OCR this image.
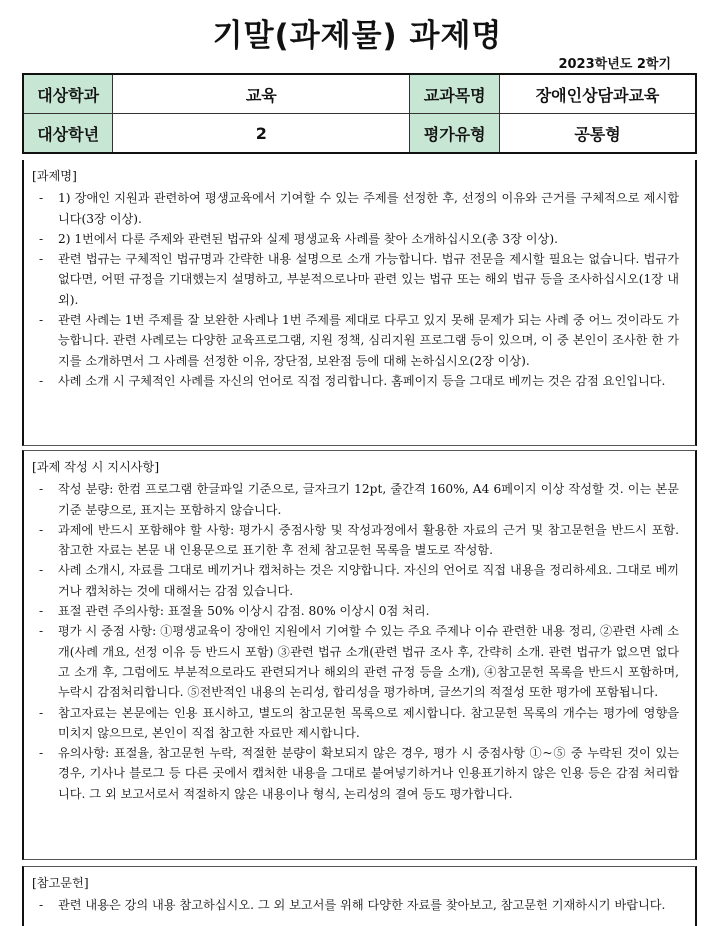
기말(과제물) 과제명
2023학년도 2학기
대상학과	교육	교과목명	장애인상담과교육
대상학년	2	평가유형	공통형
[과제명]
- 1) 장애인 지원과 관련하여 평생교육에서 기여할 수 있는 주제를 선정한 후, 선정의 이유와 근거를 구체적으로 제시합니다(3장 이상).
- 2) 1번에서 다룬 주제와 관련된 법규와 실제 평생교육 사례를 찾아 소개하십시오(총 3장 이상).
- 관련 법규는 구체적인 법규명과 간략한 내용 설명으로 소개 가능합니다. 법규 전문을 제시할 필요는 없습니다. 법규가 없다면, 어떤 규정을 기대했는지 설명하고, 부분적으로나마 관련 있는 법규 또는 해외 법규 등을 조사하십시오(1장 내외).
- 관련 사례는 1번 주제를 잘 보완한 사례나 1번 주제를 제대로 다루고 있지 못해 문제가 되는 사례 중 어느 것이라도 가능합니다. 관련 사례로는 다양한 교육프로그램, 지원 정책, 심리지원 프로그램 등이 있으며, 이 중 본인이 조사한 한 가지를 소개하면서 그 사례를 선정한 이유, 장단점, 보완점 등에 대해 논하십시오(2장 이상).
- 사례 소개 시 구체적인 사례를 자신의 언어로 직접 정리합니다. 홈페이지 등을 그대로 베끼는 것은 감점 요인입니다.
[과제 작성 시 지시사항]
- 작성 분량: 한컴 프로그램 한글파일 기준으로, 글자크기 12pt, 줄간격 160%, A4 6페이지 이상 작성할 것. 이는 본문 기준 분량으로, 표지는 포함하지 않습니다.
- 과제에 반드시 포함해야 할 사항: 평가시 중점사항 및 작성과정에서 활용한 자료의 근거 및 참고문헌을 반드시 포함. 참고한 자료는 본문 내 인용문으로 표기한 후 전체 참고문헌 목록을 별도로 작성함.
- 사례 소개시, 자료를 그대로 베끼거나 캡처하는 것은 지양합니다. 자신의 언어로 직접 내용을 정리하세요. 그대로 베끼거나 캡처하는 것에 대해서는 감점 있습니다.
- 표절 관련 주의사항: 표절율 50% 이상시 감점. 80% 이상시 0점 처리.
- 평가 시 중점 사항: ①평생교육이 장애인 지원에서 기여할 수 있는 주요 주제나 이슈 관련한 내용 정리, ②관련 사례 소개(사례 개요, 선정 이유 등 반드시 포함) ③관련 법규 소개(관련 법규 조사 후, 간략히 소개. 관련 법규가 없으면 없다고 소개 후, 그럼에도 부분적으로라도 관련되거나 해외의 관련 규정 등을 소개), ④참고문헌 목록을 반드시 포함하며, 누락시 감점처리합니다. ⑤전반적인 내용의 논리성, 합리성을 평가하며, 글쓰기의 적절성 또한 평가에 포함됩니다.
- 참고자료는 본문에는 인용 표시하고, 별도의 참고문헌 목록으로 제시합니다. 참고문헌 목록의 개수는 평가에 영향을 미치지 않으므로, 본인이 직접 참고한 자료만 제시합니다.
- 유의사항: 표절율, 참고문헌 누락, 적절한 분량이 확보되지 않은 경우, 평가 시 중점사항 ①~⑤ 중 누락된 것이 있는 경우, 기사나 블로그 등 다른 곳에서 캡처한 내용을 그대로 붙여넣기하거나 인용표기하지 않은 인용 등은 감점 처리합니다. 그 외 보고서로서 적절하지 않은 내용이나 형식, 논리성의 결여 등도 평가합니다.
[참고문헌]
- 관련 내용은 강의 내용 참고하십시오. 그 외 보고서를 위해 다양한 자료를 찾아보고, 참고문헌 기재하시기 바랍니다.
